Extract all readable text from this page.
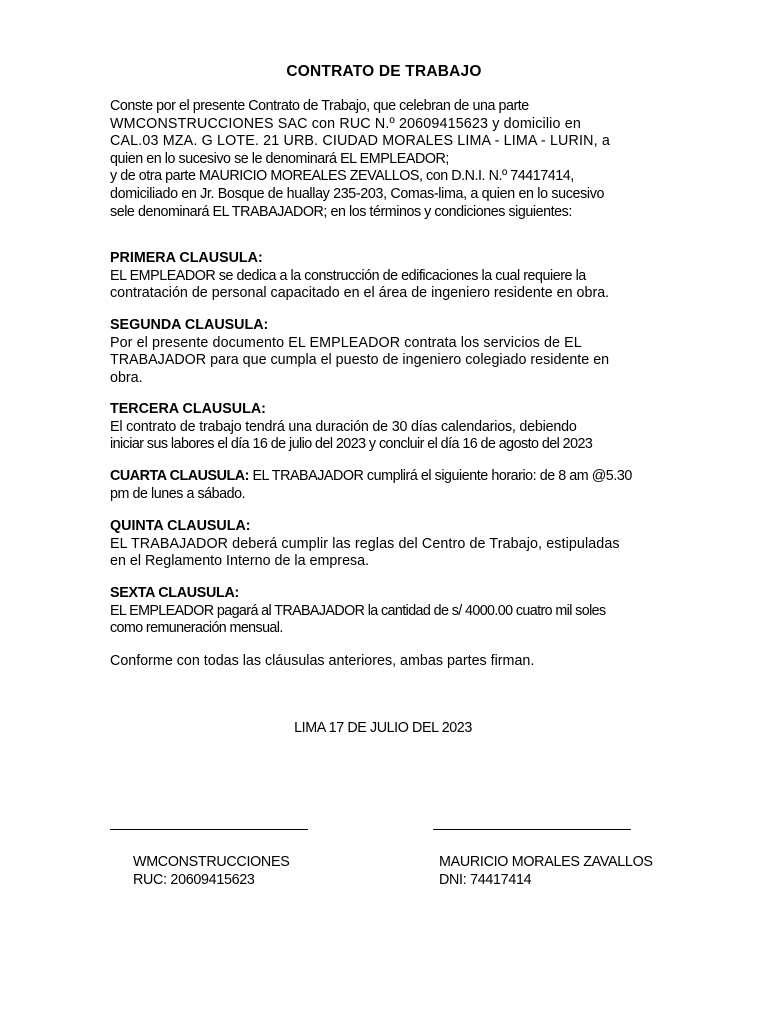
CONTRATO DE TRABAJO
Conste por el presente Contrato de Trabajo, que celebran de una parte
WMCONSTRUCCIONES SAC con RUC N.º 20609415623 y domicilio en
CAL.03 MZA. G LOTE. 21 URB. CIUDAD MORALES LIMA - LIMA - LURIN, a
quien en lo sucesivo se le denominará EL EMPLEADOR;
y de otra parte MAURICIO MOREALES ZEVALLOS, con D.N.I. N.º 74417414,
domiciliado en Jr. Bosque de huallay 235-203, Comas-lima, a quien en lo sucesivo
sele denominará EL TRABAJADOR; en los términos y condiciones siguientes:
PRIMERA CLAUSULA:
EL EMPLEADOR se dedica a la construcción de edificaciones la cual requiere la
contratación de personal capacitado en el área de ingeniero residente en obra.
SEGUNDA CLAUSULA:
Por el presente documento EL EMPLEADOR contrata los servicios de EL
TRABAJADOR para que cumpla el puesto de ingeniero colegiado residente en
obra.
TERCERA CLAUSULA:
El contrato de trabajo tendrá una duración de 30 días calendarios, debiendo
iniciar sus labores el día 16 de julio del 2023 y concluir el día 16 de agosto del 2023
CUARTA CLAUSULA: EL TRABAJADOR cumplirá el siguiente horario: de 8 am @5.30
pm de lunes a sábado.
QUINTA CLAUSULA:
EL TRABAJADOR deberá cumplir las reglas del Centro de Trabajo, estipuladas
en el Reglamento Interno de la empresa.
SEXTA CLAUSULA:
EL EMPLEADOR pagará al TRABAJADOR la cantidad de s/ 4000.00 cuatro mil soles
como remuneración mensual.
Conforme con todas las cláusulas anteriores, ambas partes firman.
LIMA 17 DE JULIO DEL 2023
WMCONSTRUCCIONES
RUC: 20609415623
MAURICIO MORALES ZAVALLOS
DNI: 74417414
